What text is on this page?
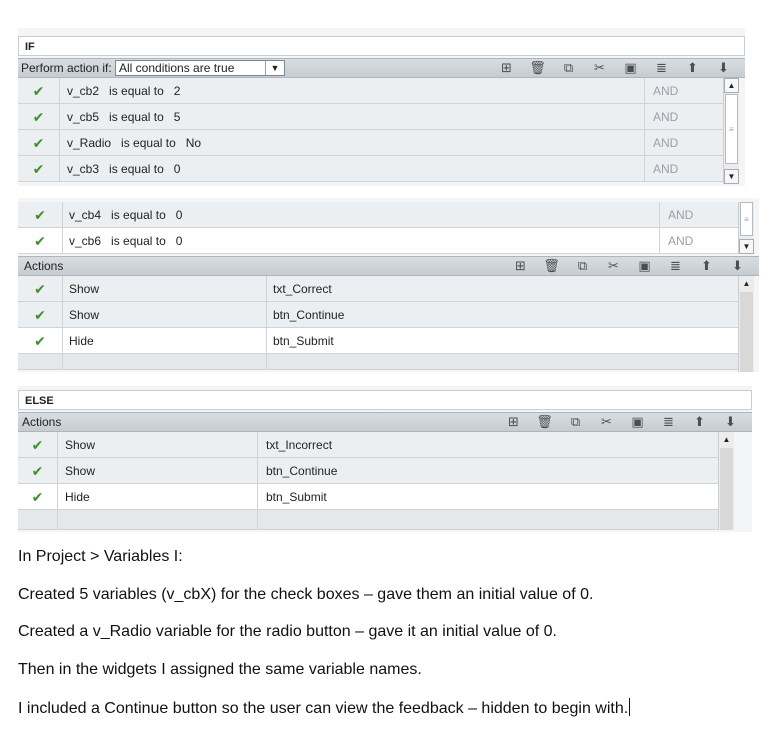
IF
Perform action if: All conditions are true	▼	⊞	🗑	⧉	✂	▣	≣	⬆	⬇
✔	v_cb2 is equal to 2	AND
✔	v_cb5 is equal to 5	AND
✔	v_Radio is equal to No	AND
✔	v_cb3 is equal to 0	AND
▲
≡
▼
✔	v_cb4 is equal to 0	AND
✔	v_cb6 is equal to 0	AND
≡
▼
Actions	⊞	🗑	⧉	✂	▣	≣	⬆	⬇
✔	Show	txt_Correct
✔	Show	btn_Continue
✔	Hide	btn_Submit
▲
ELSE
Actions	⊞	🗑	⧉	✂	▣	≣	⬆	⬇
✔	Show	txt_Incorrect
✔	Show	btn_Continue
✔	Hide	btn_Submit
▲
In Project > Variables I:
Created 5 variables (v_cbX) for the check boxes – gave them an initial value of 0.
Created a v_Radio variable for the radio button – gave it an initial value of 0.
Then in the widgets I assigned the same variable names.
I included a Continue button so the user can view the feedback – hidden to begin with.
